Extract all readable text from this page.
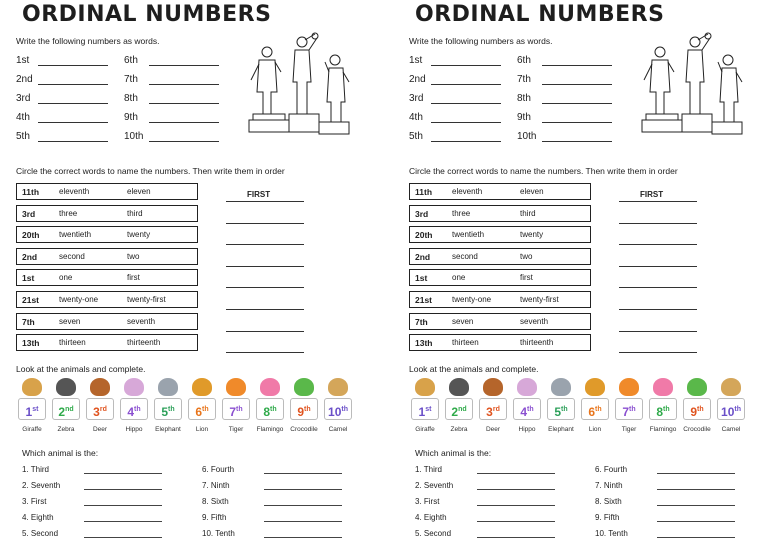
ORDINAL NUMBERS
Write the following numbers as words.
1st
2nd
3rd
4th
5th
6th
7th
8th
9th
10th
Circle the correct words to name the numbers. Then write them in order
11th eleventh	eleven
3rd	three	third
20th twentieth	twenty
2nd	second	two
1st	one	first
21st twenty-one	twenty-first
7th	seven	seventh
13th thirteen	thirteenth
FIRST
Look at the animals and complete.
1st
Giraffe
2nd
Zebra
3rd
Deer
4th
Hippo
5th
Elephant
6th
Lion
7th
Tiger
8th
Flamingo
9th
Crocodile
10th
Camel
Which animal is the:
1. Third
2. Seventh
3. First
4. Eighth
5. Second
6. Fourth
7. Ninth
8. Sixth
9. Fifth
10. Tenth
ORDINAL NUMBERS
Write the following numbers as words.
1st
2nd
3rd
4th
5th
6th
7th
8th
9th
10th
Circle the correct words to name the numbers. Then write them in order
11th eleventh	eleven
3rd	three	third
20th twentieth	twenty
2nd	second	two
1st	one	first
21st twenty-one	twenty-first
7th	seven	seventh
13th thirteen	thirteenth
FIRST
Look at the animals and complete.
1st
Giraffe
2nd
Zebra
3rd
Deer
4th
Hippo
5th
Elephant
6th
Lion
7th
Tiger
8th
Flamingo
9th
Crocodile
10th
Camel
Which animal is the:
1. Third
2. Seventh
3. First
4. Eighth
5. Second
6. Fourth
7. Ninth
8. Sixth
9. Fifth
10. Tenth
